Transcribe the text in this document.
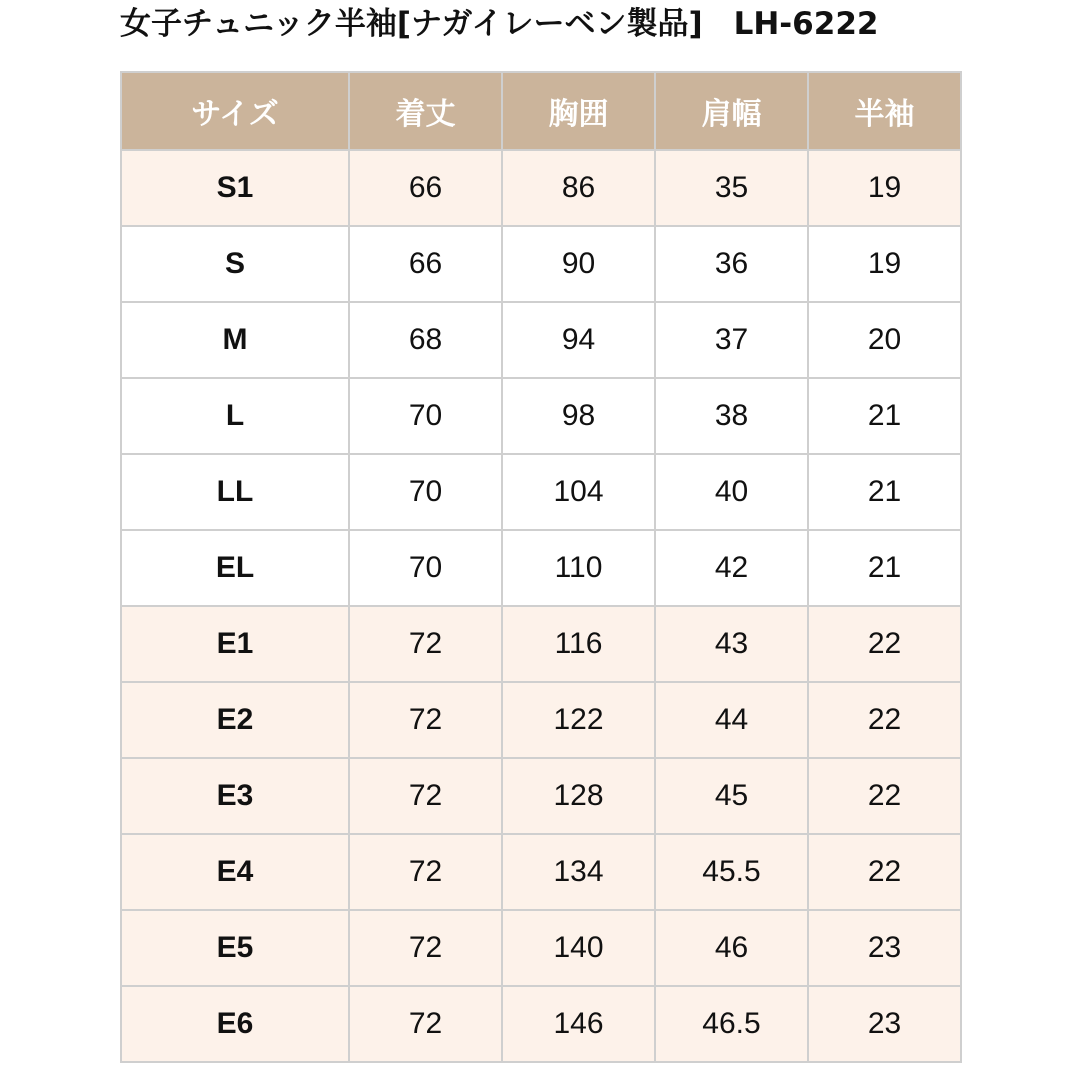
女子チュニック半袖[ナガイレーベン製品]　LH-6222
サイズ	着丈	胸囲	肩幅	半袖
S1	66	86	35	19
S	66	90	36	19
M	68	94	37	20
L	70	98	38	21
LL	70	104	40	21
EL	70	110	42	21
E1	72	116	43	22
E2	72	122	44	22
E3	72	128	45	22
E4	72	134	45.5	22
E5	72	140	46	23
E6	72	146	46.5	23
